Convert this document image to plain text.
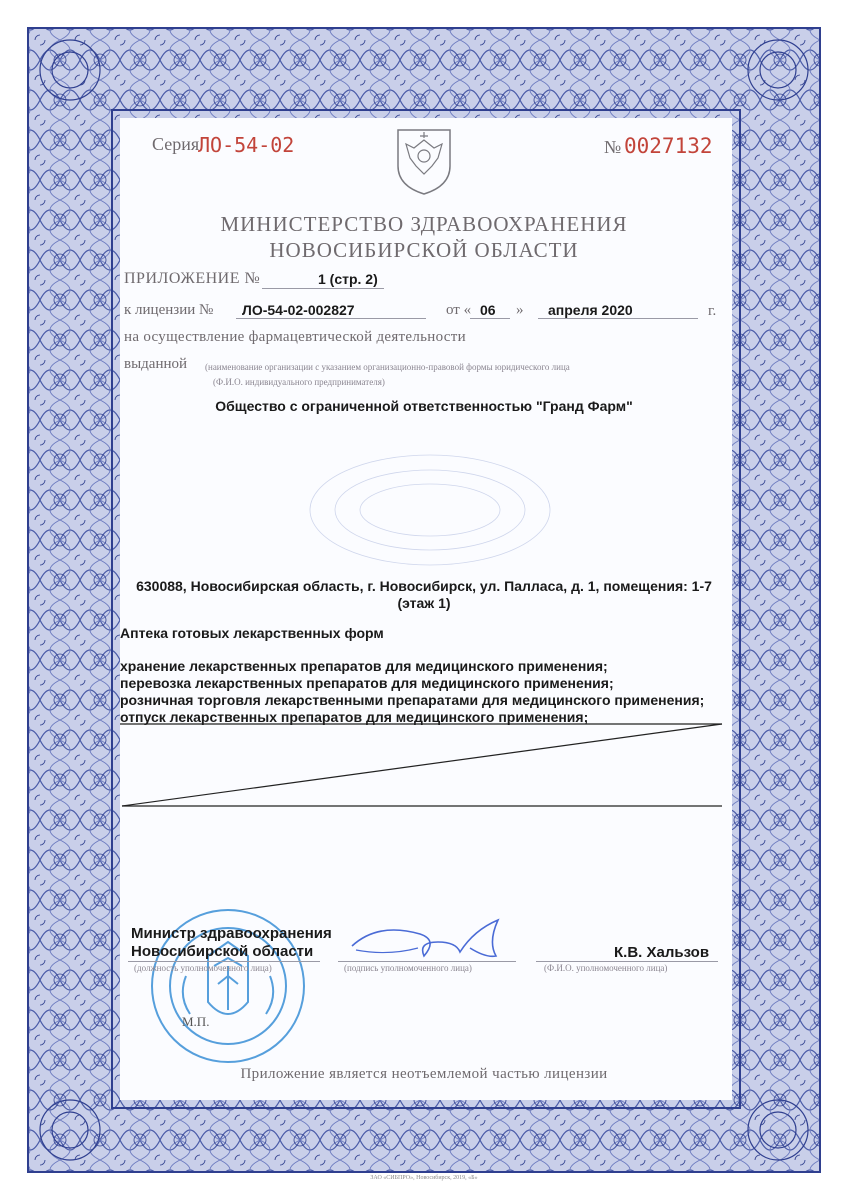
Серия
ЛО-54-02	№ 0027132
МИНИСТЕРСТВО ЗДРАВООХРАНЕНИЯ
НОВОСИБИРСКОЙ ОБЛАСТИ
ПРИЛОЖЕНИЕ №	1 (стр. 2)
к лицензии № ЛО-54-02-002827	от « 06 » апреля 2020	г.
на осуществление фармацевтической деятельности
выданной (наименование организации с указанием организационно-правовой формы юридического лица
(Ф.И.О. индивидуального предпринимателя)
Общество с ограниченной ответственностью "Гранд Фарм"
630088, Новосибирская область, г. Новосибирск, ул. Палласа, д. 1, помещения: 1-7
(этаж 1)
Аптека готовых лекарственных форм
хранение лекарственных препаратов для медицинского применения;
перевозка лекарственных препаратов для медицинского применения;
розничная торговля лекарственными препаратами для медицинского применения;
отпуск лекарственных препаратов для медицинского применения;
М.П.
Министр здравоохранения
Новосибирской области
(должность уполномоченного лица)	(подпись уполномоченного лица)
К.В. Хальзов
(Ф.И.О. уполномоченного лица)
Приложение является неотъемлемой частью лицензии
ЗАО «СИБПРО», Новосибирск, 2019, «Б»
